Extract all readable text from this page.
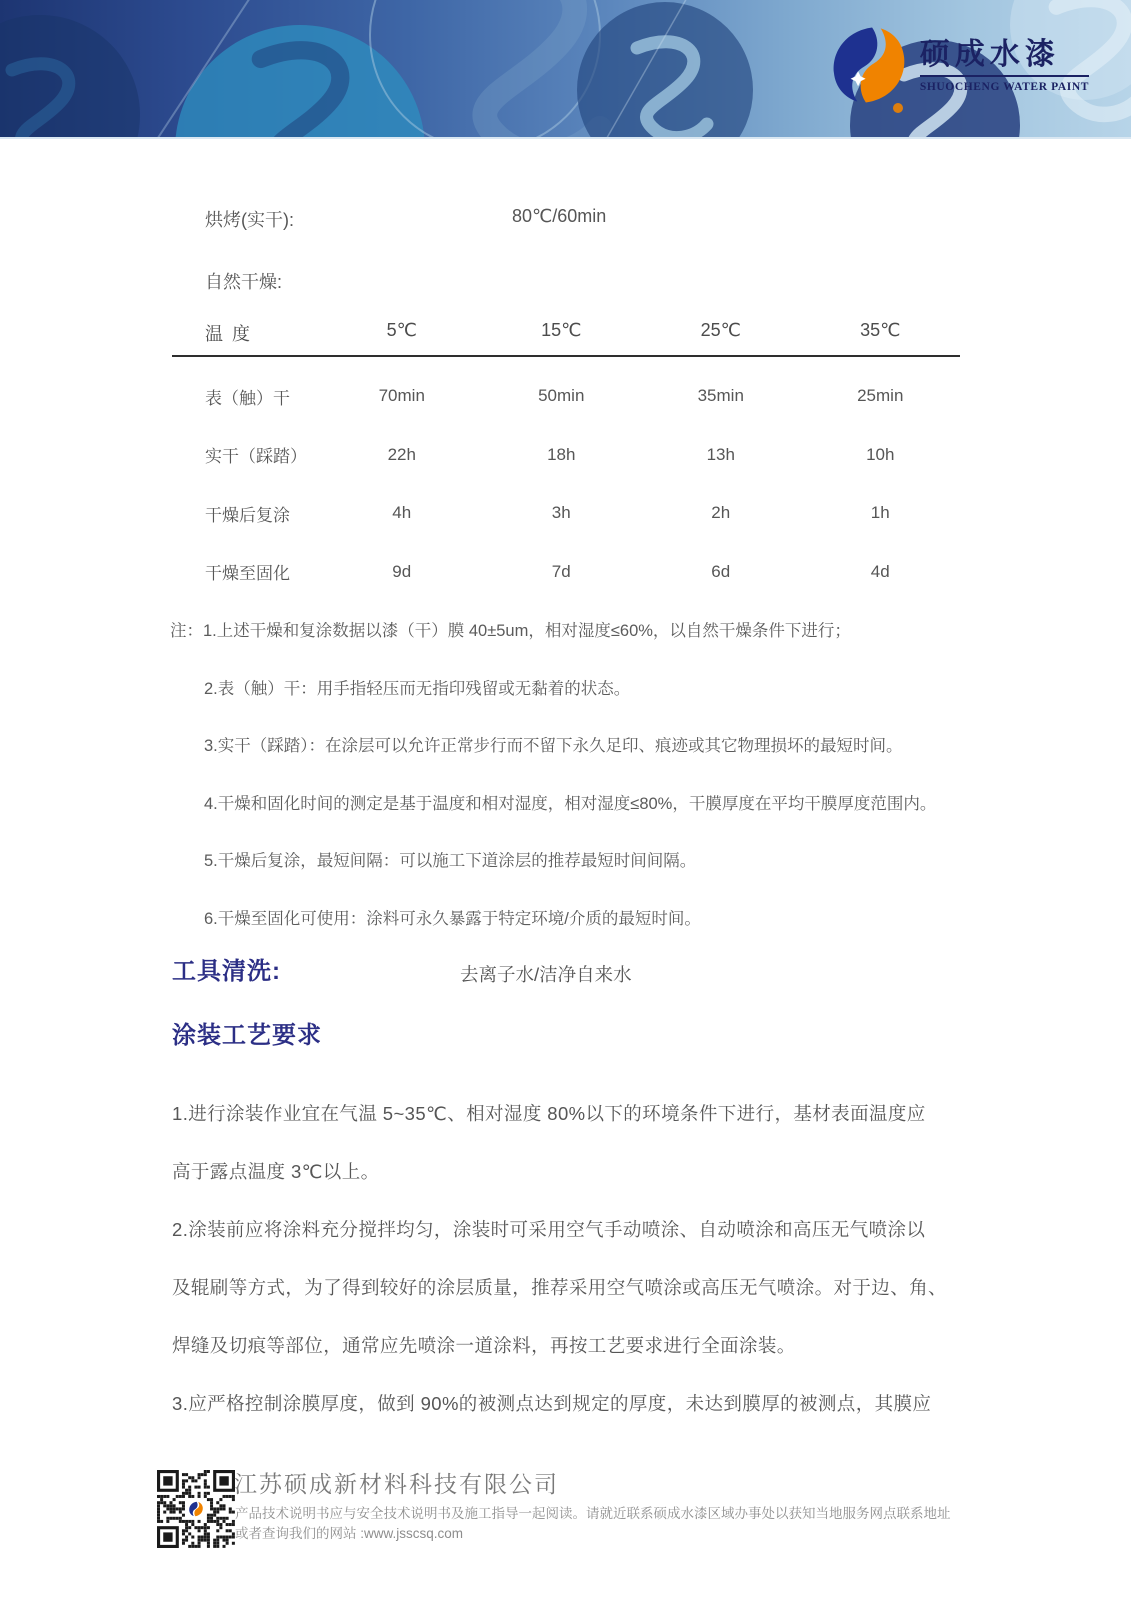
硕成水漆
SHUOCHENG WATER PAINT
烘烤(实干):	80℃/60min
自然干燥:
温 度	5℃	15℃	25℃	35℃
表（触）干	70min	50min	35min	25min
实干（踩踏）	22h	18h	13h	10h
干燥后复涂	4h	3h	2h	1h
干燥至固化	9d	7d	6d	4d
注：1.上述干燥和复涂数据以漆（干）膜 40±5um，相对湿度≤60%，以自然干燥条件下进行；
2.表（触）干：用手指轻压而无指印残留或无黏着的状态。
3.实干（踩踏）：在涂层可以允许正常步行而不留下永久足印、痕迹或其它物理损坏的最短时间。
4.干燥和固化时间的测定是基于温度和相对湿度，相对湿度≤80%，干膜厚度在平均干膜厚度范围内。
5.干燥后复涂，最短间隔：可以施工下道涂层的推荐最短时间间隔。
6.干燥至固化可使用：涂料可永久暴露于特定环境/介质的最短时间。
工具清洗:	去离子水/洁净自来水
涂装工艺要求
1.进行涂装作业宜在气温 5~35℃、相对湿度 80%以下的环境条件下进行，基材表面温度应
高于露点温度 3℃以上。
2.涂装前应将涂料充分搅拌均匀，涂装时可采用空气手动喷涂、自动喷涂和高压无气喷涂以
及辊刷等方式，为了得到较好的涂层质量，推荐采用空气喷涂或高压无气喷涂。对于边、角、
焊缝及切痕等部位，通常应先喷涂一道涂料，再按工艺要求进行全面涂装。
3.应严格控制涂膜厚度，做到 90%的被测点达到规定的厚度，未达到膜厚的被测点，其膜应
江苏硕成新材料科技有限公司
产品技术说明书应与安全技术说明书及施工指导一起阅读。请就近联系硕成水漆区域办事处以获知当地服务网点联系地址
或者查询我们的网站 :www.jsscsq.com
